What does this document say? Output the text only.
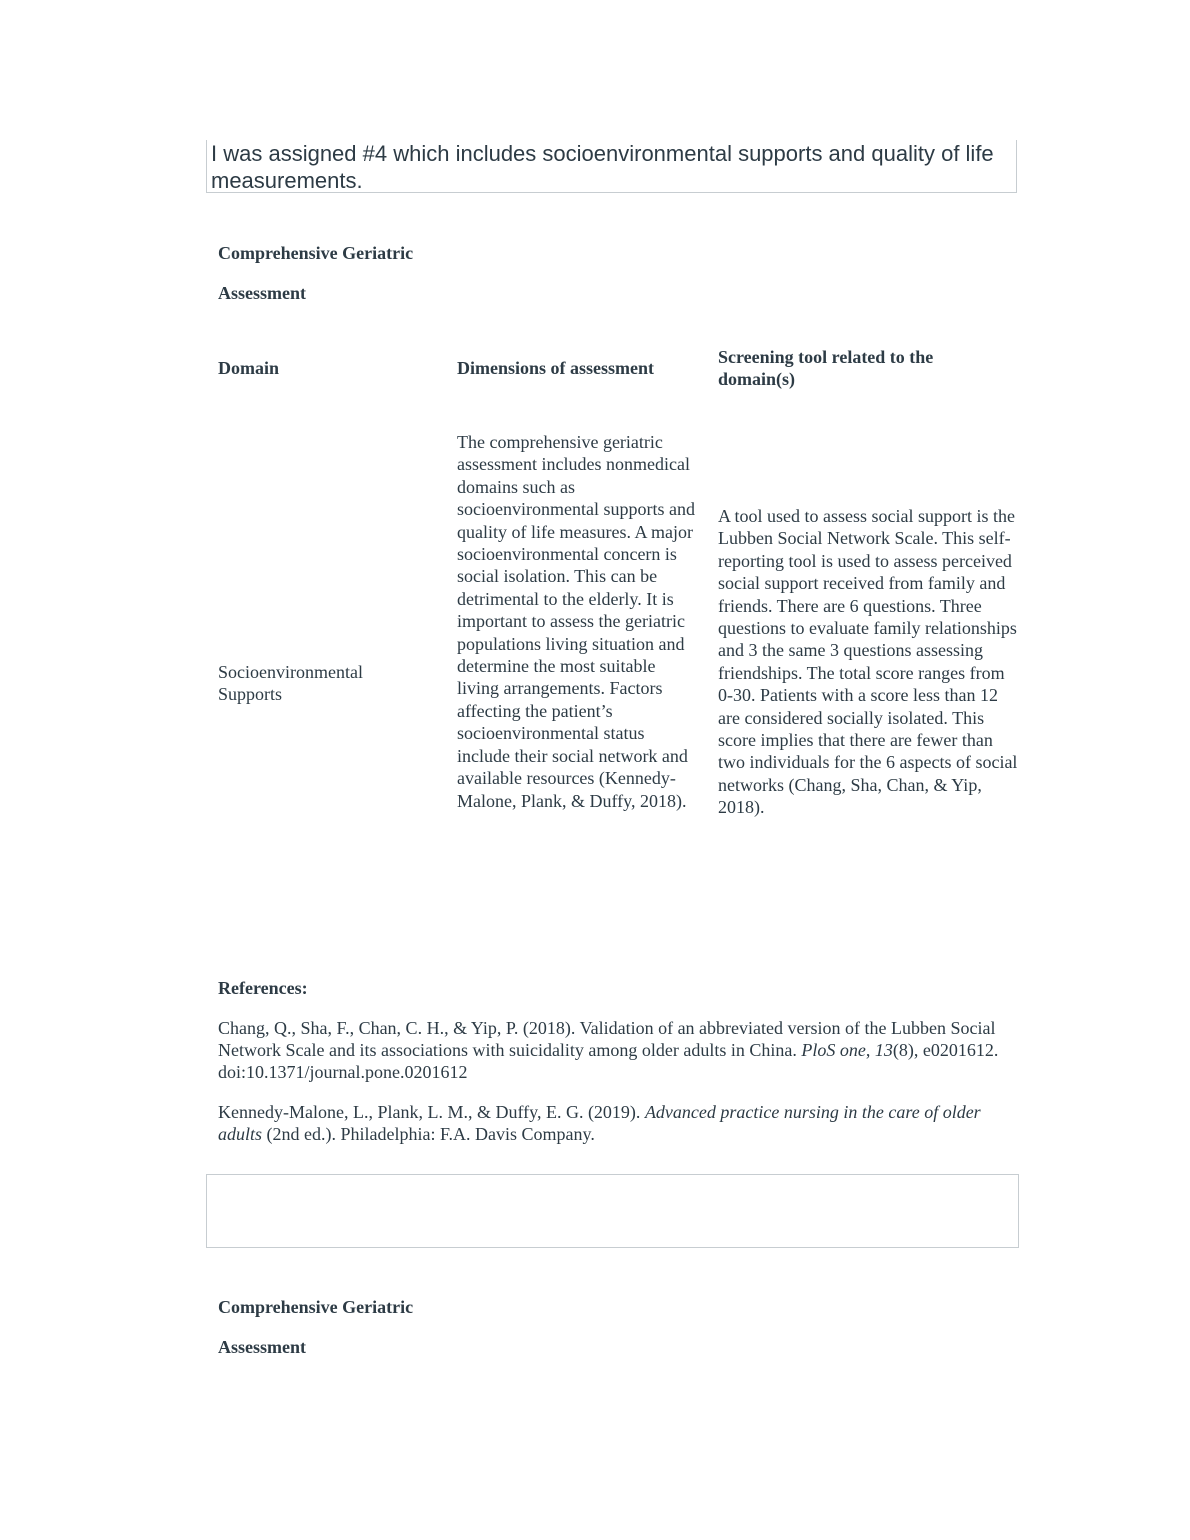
I was assigned #4 which includes socioenvironmental supports and quality of life measurements.
Comprehensive Geriatric
Assessment
Domain	Dimensions of assessment
Screening tool related to the domain(s)
Socioenvironmental Supports
The comprehensive geriatric assessment includes nonmedical domains such as socioenvironmental supports and quality of life measures. A major socioenvironmental concern is social isolation. This can be detrimental to the elderly. It is important to assess the geriatric populations living situation and determine the most suitable living arrangements. Factors affecting the patient’s socioenvironmental status include their social network and available resources (Kennedy-Malone, Plank, & Duffy, 2018).
A tool used to assess social support is the Lubben Social Network Scale. This self-reporting tool is used to assess perceived social support received from family and friends. There are 6 questions. Three questions to evaluate family relationships and 3 the same 3 questions assessing friendships. The total score ranges from 0-30. Patients with a score less than 12 are considered socially isolated. This score implies that there are fewer than two individuals for the 6 aspects of social networks (Chang, Sha, Chan, & Yip, 2018).
References:
Chang, Q., Sha, F., Chan, C. H., & Yip, P. (2018). Validation of an abbreviated version of the Lubben Social Network Scale and its associations with suicidality among older adults in China. PloS one, 13(8), e0201612. doi:10.1371/journal.pone.0201612
Kennedy-Malone, L., Plank, L. M., & Duffy, E. G. (2019). Advanced practice nursing in the care of older adults (2nd ed.). Philadelphia: F.A. Davis Company.
Comprehensive Geriatric
Assessment
